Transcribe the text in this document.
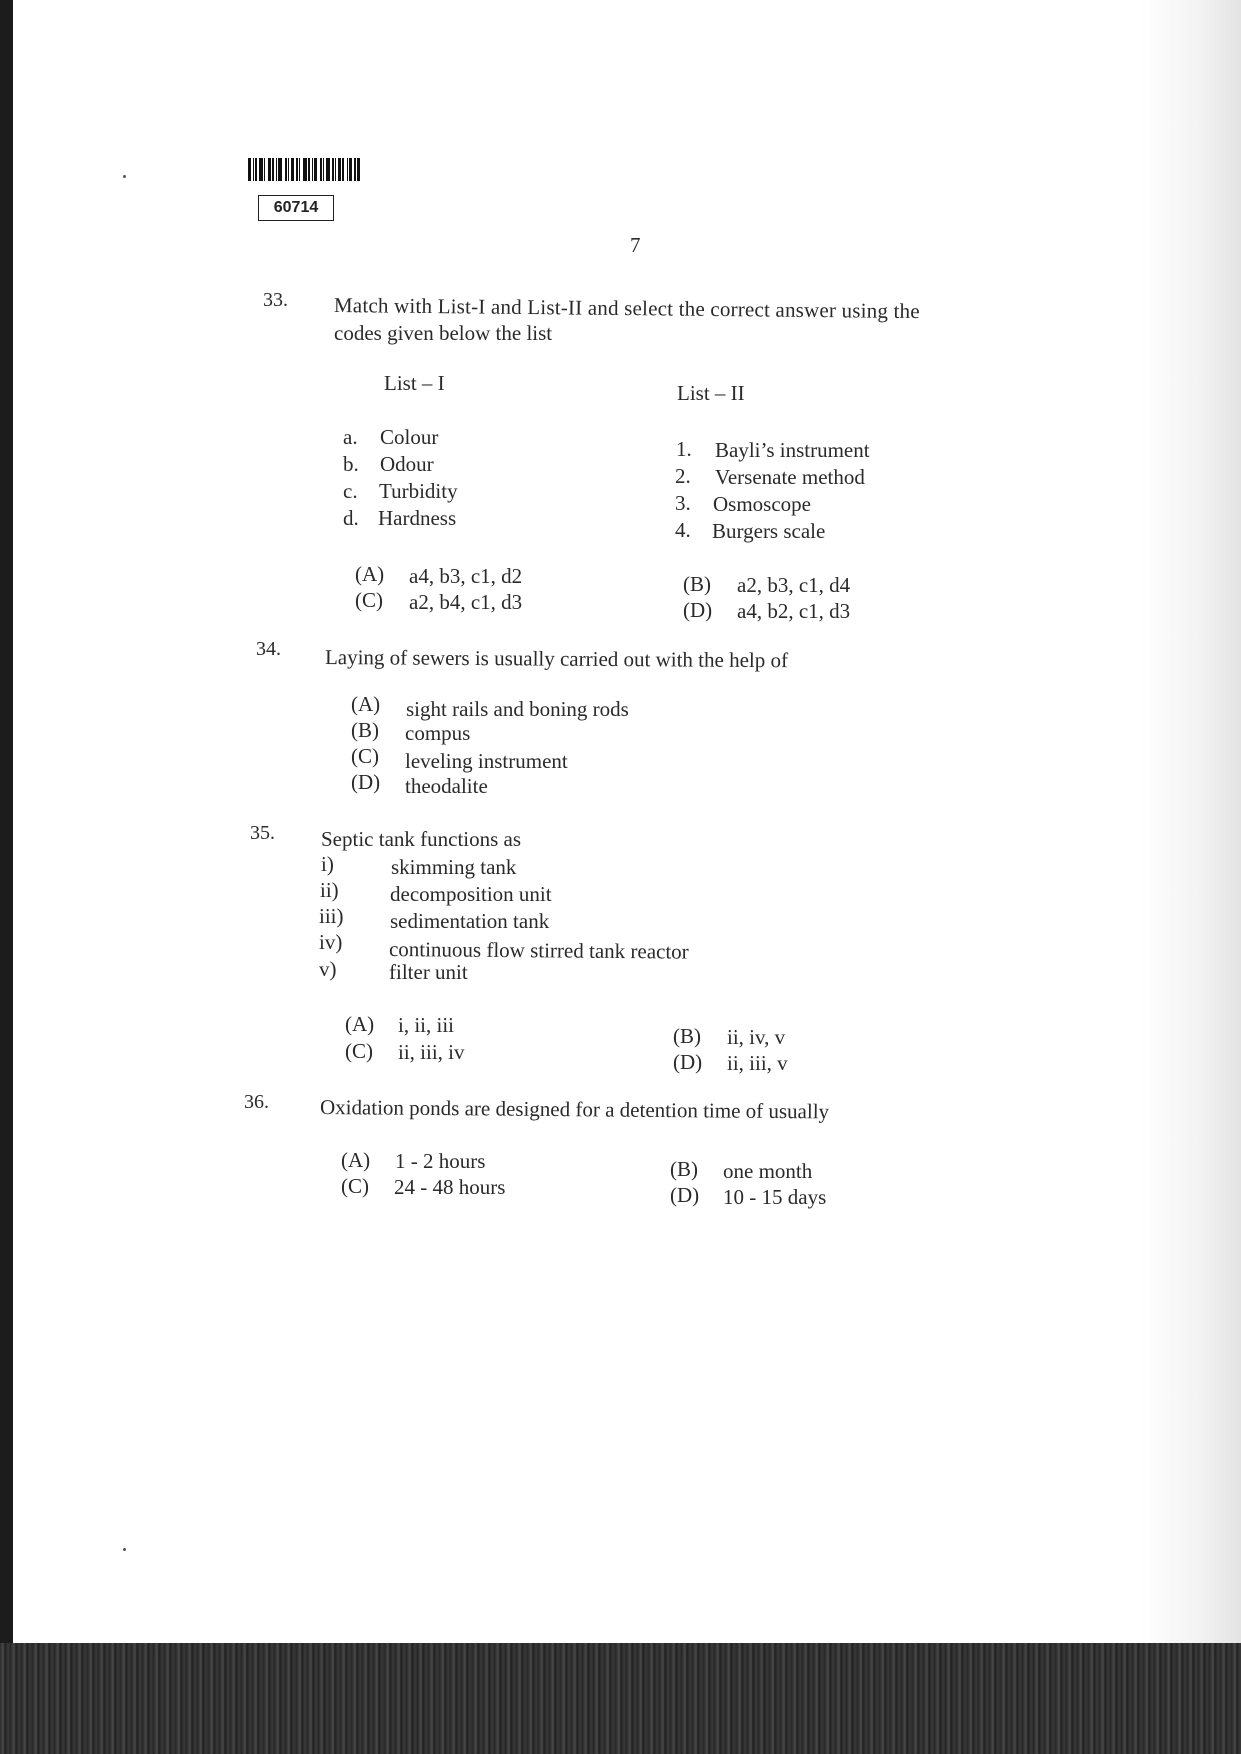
60714
7
33. Match with List-I and List-II and select the correct answer using the
codes given below the list
List – I	List – II
a. Colour
b. Odour
c. Turbidity
d. Hardness
1. Bayli’s instrument
2. Versenate method
3. Osmoscope
4. Burgers scale
(A) a4, b3, c1, d2
(C) a2, b4, c1, d3
(B) a2, b3, c1, d4
(D) a4, b2, c1, d3
34. Laying of sewers is usually carried out with the help of
(A) sight rails and boning rods
(B) compus
(C) leveling instrument
(D) theodalite
35. Septic tank functions as
i)	skimming tank
ii) decomposition unit
iii) sedimentation tank
iv) continuous flow stirred tank reactor
v)	filter unit
(A) i, ii, iii
(C) ii, iii, iv
(B) ii, iv, v
(D) ii, iii, v
36. Oxidation ponds are designed for a detention time of usually
(A) 1 - 2 hours
(C) 24 - 48 hours
(B) one month
(D) 10 - 15 days
